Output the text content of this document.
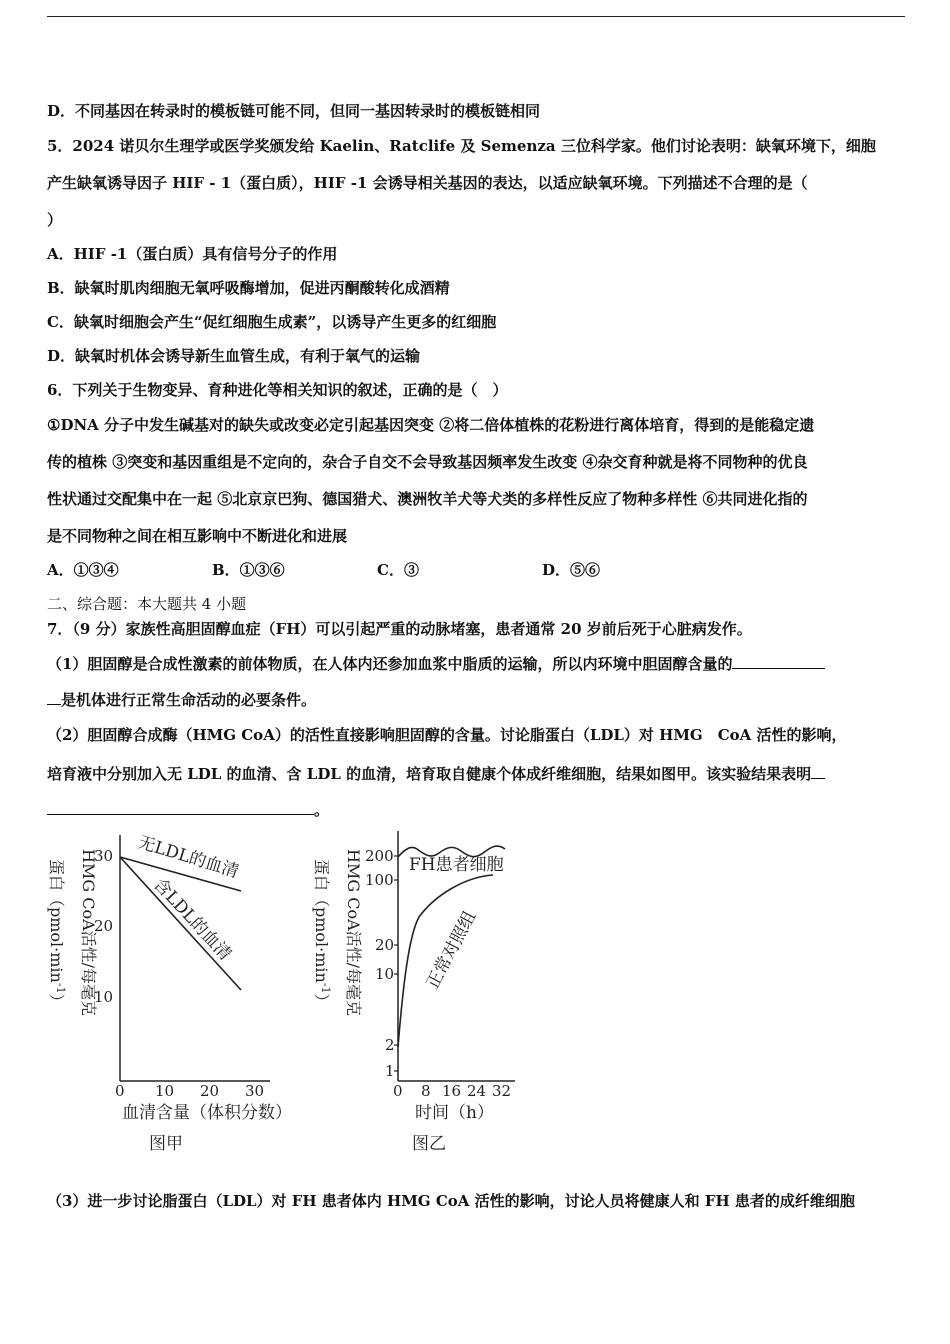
D．不同基因在转录时的模板链可能不同，但同一基因转录时的模板链相同
5．2024 诺贝尔生理学或医学奖颁发给 Kaelin、Ratclife 及 Semenza 三位科学家。他们讨论表明：缺氧环境下，细胞
产生缺氧诱导因子 HIF - 1（蛋白质），HIF -1 会诱导相关基因的表达，以适应缺氧环境。下列描述不合理的是（
）
A．HIF -1（蛋白质）具有信号分子的作用
B．缺氧时肌肉细胞无氧呼吸酶增加，促进丙酮酸转化成酒精
C．缺氧时细胞会产生“促红细胞生成素”，以诱导产生更多的红细胞
D．缺氧时机体会诱导新生血管生成，有利于氧气的运输
6．下列关于生物变异、育种进化等相关知识的叙述，正确的是（　）
①DNA 分子中发生碱基对的缺失或改变必定引起基因突变 ②将二倍体植株的花粉进行离体培育，得到的是能稳定遗
传的植株 ③突变和基因重组是不定向的，杂合子自交不会导致基因频率发生改变 ④杂交育种就是将不同物种的优良
性状通过交配集中在一起 ⑤北京京巴狗、德国猎犬、澳洲牧羊犬等犬类的多样性反应了物种多样性 ⑥共同进化指的
是不同物种之间在相互影响中不断进化和进展
A．①③④	B．①③⑥	C．③	D．⑤⑥
二、综合题：本大题共 4 小题
7．（9 分）家族性高胆固醇血症（FH）可以引起严重的动脉堵塞，患者通常 20 岁前后死于心脏病发作。
（1）胆固醇是合成性激素的前体物质，在人体内还参加血浆中脂质的运输，所以内环境中胆固醇含量的
是机体进行正常生命活动的必要条件。
（2）胆固醇合成酶（HMG CoA）的活性直接影响胆固醇的含量。讨论脂蛋白（LDL）对 HMG　CoA 活性的影响，
培育液中分别加入无 LDL 的血清、含 LDL 的血清，培育取自健康个体成纤维细胞，结果如图甲。该实验结果表明
。
HMG CoA活性/每毫克
蛋白$(pmol\cdot\min^{-1})$
30
20
10
0 10 20 30
无LDL的血清
含LDL的血清
血清含量（体积分数）
图甲
HMG CoA活性/每毫克
蛋白$(pmol\cdot\min^{-1})$
200
100
20
10
2
1
0 8 16 24 32
FH患者细胞
正常对照组
时间（h）
图乙
（3）进一步讨论脂蛋白（LDL）对 FH 患者体内 HMG CoA 活性的影响，讨论人员将健康人和 FH 患者的成纤维细胞
